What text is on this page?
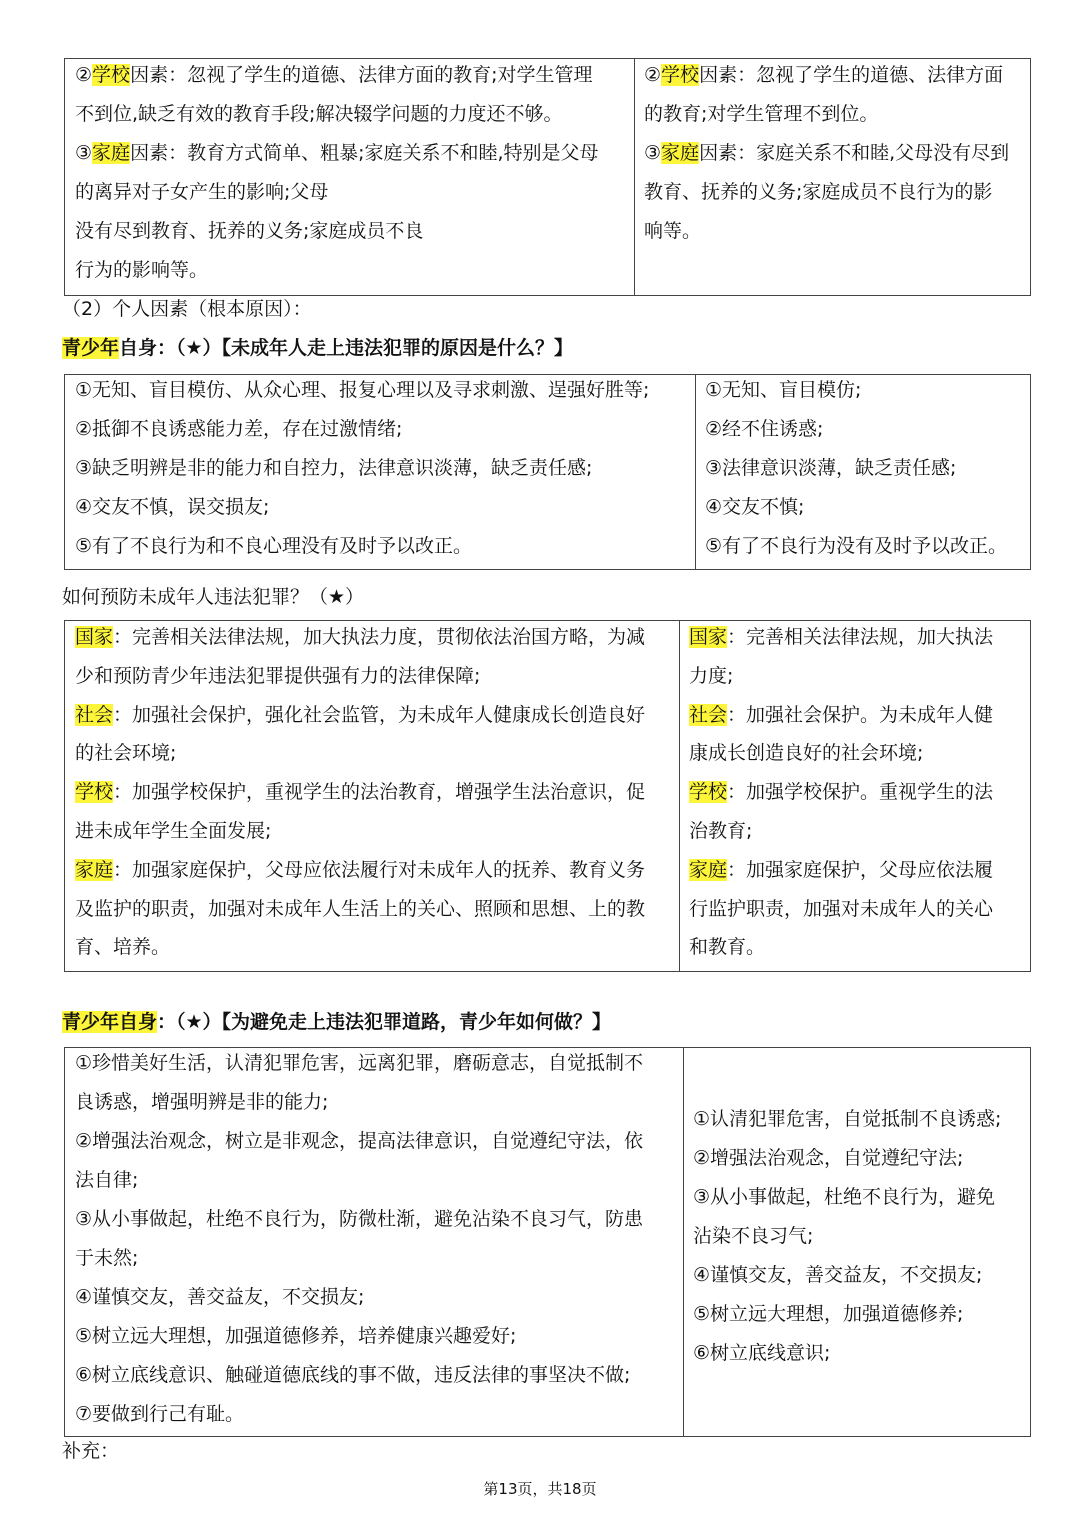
②学校因素：忽视了学生的道德、法律方面的教育;对学生管理
不到位,缺乏有效的教育手段;解决辍学问题的力度还不够。
③家庭因素：教育方式简单、粗暴;家庭关系不和睦,特别是父母
的离异对子女产生的影响;父母
没有尽到教育、抚养的义务;家庭成员不良
行为的影响等。
②学校因素：忽视了学生的道德、法律方面
的教育;对学生管理不到位。
③家庭因素：家庭关系不和睦,父母没有尽到
教育、抚养的义务;家庭成员不良行为的影
响等。
（2）个人因素（根本原因）：
青少年自身：（★）【未成年人走上违法犯罪的原因是什么？】
①无知、盲目模仿、从众心理、报复心理以及寻求刺激、逞强好胜等;
②抵御不良诱惑能力差，存在过激情绪;
③缺乏明辨是非的能力和自控力，法律意识淡薄，缺乏责任感;
④交友不慎，误交损友;
⑤有了不良行为和不良心理没有及时予以改正。
①无知、盲目模仿;
②经不住诱惑;
③法律意识淡薄，缺乏责任感;
④交友不慎;
⑤有了不良行为没有及时予以改正。
如何预防未成年人违法犯罪？（★）
国家：完善相关法律法规，加大执法力度，贯彻依法治国方略，为减
少和预防青少年违法犯罪提供强有力的法律保障;
社会：加强社会保护，强化社会监管，为未成年人健康成长创造良好
的社会环境;
学校：加强学校保护，重视学生的法治教育，增强学生法治意识，促
进未成年学生全面发展;
家庭：加强家庭保护，父母应依法履行对未成年人的抚养、教育义务
及监护的职责，加强对未成年人生活上的关心、照顾和思想、上的教
育、培养。
国家：完善相关法律法规，加大执法
力度;
社会：加强社会保护。为未成年人健
康成长创造良好的社会环境;
学校：加强学校保护。重视学生的法
治教育;
家庭：加强家庭保护，父母应依法履
行监护职责，加强对未成年人的关心
和教育。
青少年自身：（★）【为避免走上违法犯罪道路，青少年如何做？】
①珍惜美好生活，认清犯罪危害，远离犯罪，磨砺意志，自觉抵制不
良诱惑，增强明辨是非的能力;
②增强法治观念，树立是非观念，提高法律意识，自觉遵纪守法，依
法自律;
③从小事做起，杜绝不良行为，防微杜渐，避免沾染不良习气，防患
于未然;
④谨慎交友，善交益友，不交损友;
⑤树立远大理想，加强道德修养，培养健康兴趣爱好;
⑥树立底线意识、触碰道德底线的事不做，违反法律的事坚决不做;
⑦要做到行己有耻。
①认清犯罪危害，自觉抵制不良诱惑;
②增强法治观念，自觉遵纪守法;
③从小事做起，杜绝不良行为，避免
沾染不良习气;
④谨慎交友，善交益友，不交损友;
⑤树立远大理想，加强道德修养;
⑥树立底线意识;
补充：
第13页，共18页
